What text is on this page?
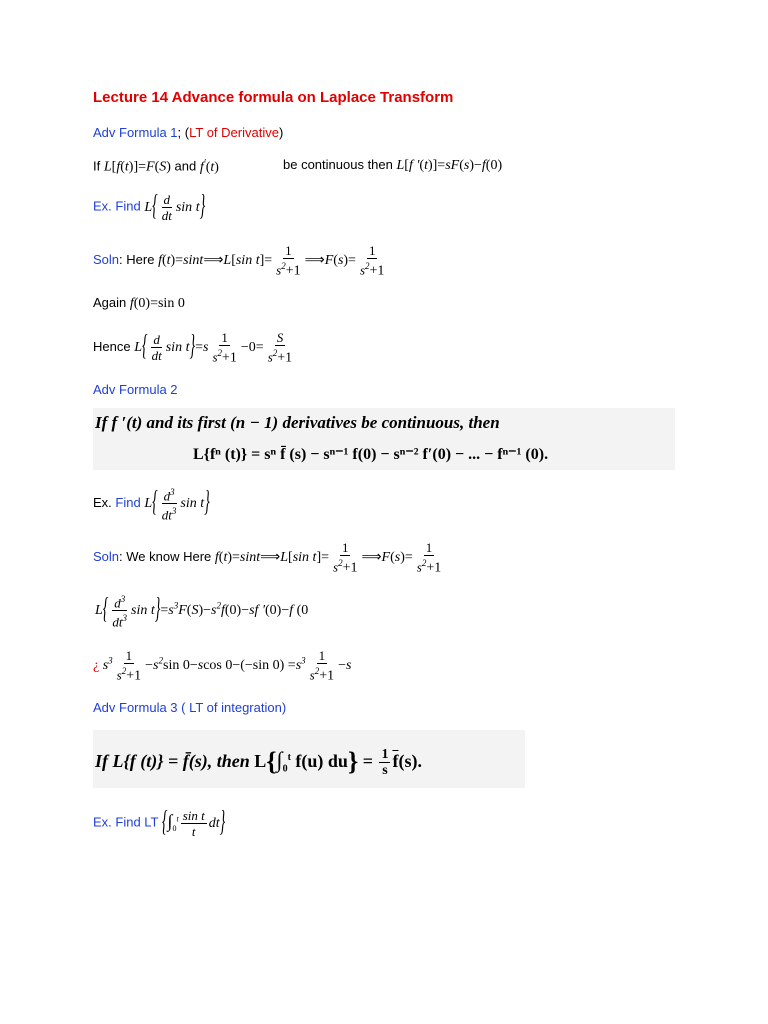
Lecture 14 Advance formula on Laplace Transform
Adv Formula 1; (LT of Derivative)
If L[f(t)]=F(S) and f′(t)	be continuous then L[f ′(t)]=sF(s)−f(0)
Ex. Find $L\{ \frac{d}{dt}$ sin t}
Soln: Here f(t)=sint⟹L[sin $t]= \frac{1}{s^2+1}$ ⟹F(s)= $\frac{1}{s^2+1}$
Again f(0)=sin 0
Hence $L\{ \frac{d}{dt}$ $\sin t\}=s \frac{1}{s^2+1} -0= \frac{S}{s^2+1}$
Adv Formula 2
If f ′(t) and its first (n − 1) derivatives be continuous, then
L{fⁿ (t)} = sⁿ f̄ (s) − sⁿ⁻¹ f(0) − sⁿ⁻² f′(0) − ... − fⁿ⁻¹ (0).
Ex. Find $L\{ \frac{d^3}{dt^3}$ sin t}
Soln: We know Here f(t)=sint⟹L[sin $t]= \frac{1}{s^2+1}$ ⟹F(s)= $\frac{1}{s^2+1}$
$L\{ \frac{d^3}{dt^3}$ $\sin t\}=s^3F(S)-s^2f(0)-sf$ ′(0)−f (0
¿ $s^3 \frac{1}{s^2+1} -s^2\sin$ 0−scos 0−(−sin $0) =s^3 \frac{1}{s^2+1} -s$
Adv Formula 3 ( LT of integration)
If L{f (t)} = f̄(s), then $L\{\int_0^t$ f(u) $du\} = \frac{1}{s} \overline{f}(s)$.
Ex. Find LT $\{\int_0^t \frac{\text{sin t}}{t} dt\}$
